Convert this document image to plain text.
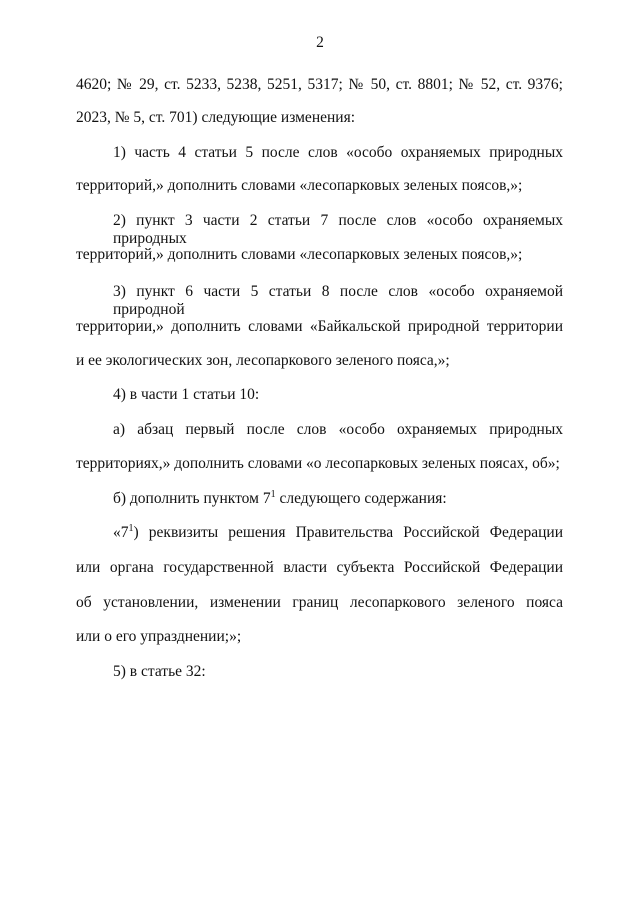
2
4620; № 29, ст. 5233, 5238, 5251, 5317; № 50, ст. 8801; № 52, ст. 9376;
2023, № 5, ст. 701) следующие изменения:
1) часть 4 статьи 5 после слов «особо охраняемых природных
территорий,» дополнить словами «лесопарковых зеленых поясов,»;
2) пункт 3 части 2 статьи 7 после слов «особо охраняемых природных
территорий,» дополнить словами «лесопарковых зеленых поясов,»;
3) пункт 6 части 5 статьи 8 после слов «особо охраняемой природной
территории,» дополнить словами «Байкальской природной территории
и ее экологических зон, лесопаркового зеленого пояса,»;
4) в части 1 статьи 10:
а) абзац первый после слов «особо охраняемых природных
территориях,» дополнить словами «о лесопарковых зеленых поясах, об»;
б) дополнить пунктом $7^1$ следующего содержания:
«$7^1$ ) реквизиты решения Правительства Российской Федерации
или органа государственной власти субъекта Российской Федерации
об установлении, изменении границ лесопаркового зеленого пояса
или о его упразднении;»;
5) в статье 32:
